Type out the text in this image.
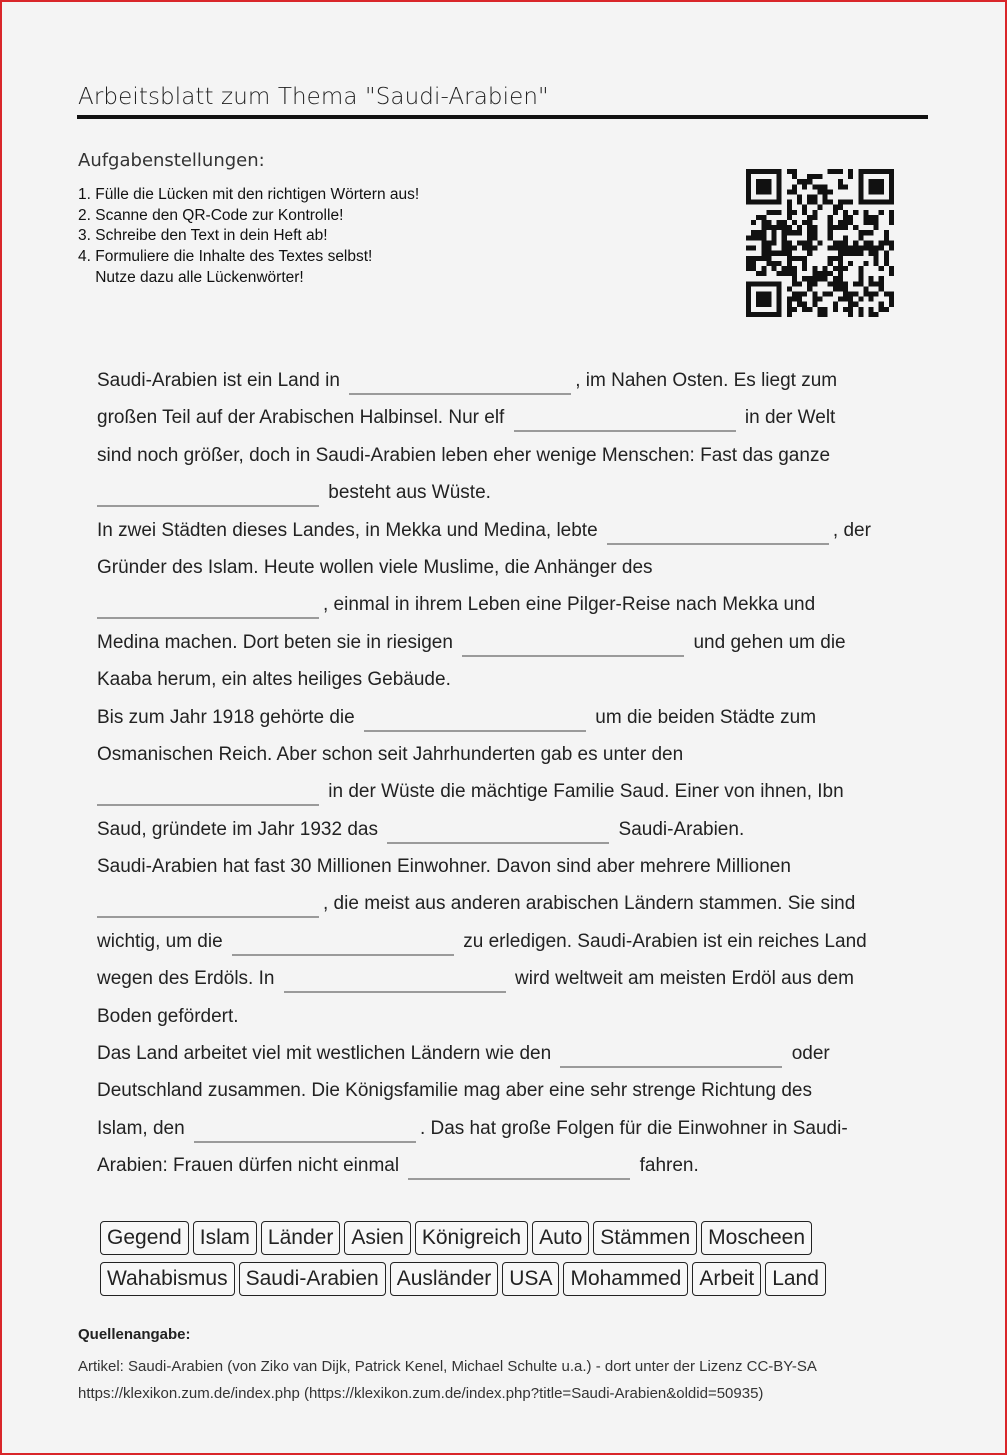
Arbeitsblatt zum Thema "Saudi-Arabien"
Aufgabenstellungen:
1. Fülle die Lücken mit den richtigen Wörtern aus!
2. Scanne den QR-Code zur Kontrolle!
3. Schreibe den Text in dein Heft ab!
4. Formuliere die Inhalte des Textes selbst!
Nutze dazu alle Lückenwörter!
Saudi-Arabien ist ein Land in	, im Nahen Osten. Es liegt zum
großen Teil auf der Arabischen Halbinsel. Nur elf	in der Welt
sind noch größer, doch in Saudi-Arabien leben eher wenige Menschen: Fast das ganze
besteht aus Wüste.
In zwei Städten dieses Landes, in Mekka und Medina, lebte	, der
Gründer des Islam. Heute wollen viele Muslime, die Anhänger des
, einmal in ihrem Leben eine Pilger-Reise nach Mekka und
Medina machen. Dort beten sie in riesigen	und gehen um die
Kaaba herum, ein altes heiliges Gebäude.
Bis zum Jahr 1918 gehörte die	um die beiden Städte zum
Osmanischen Reich. Aber schon seit Jahrhunderten gab es unter den
in der Wüste die mächtige Familie Saud. Einer von ihnen, Ibn
Saud, gründete im Jahr 1932 das	Saudi-Arabien.
Saudi-Arabien hat fast 30 Millionen Einwohner. Davon sind aber mehrere Millionen
, die meist aus anderen arabischen Ländern stammen. Sie sind
wichtig, um die	zu erledigen. Saudi-Arabien ist ein reiches Land
wegen des Erdöls. In	wird weltweit am meisten Erdöl aus dem
Boden gefördert.
Das Land arbeitet viel mit westlichen Ländern wie den	oder
Deutschland zusammen. Die Königsfamilie mag aber eine sehr strenge Richtung des
Islam, den	. Das hat große Folgen für die Einwohner in Saudi-
Arabien: Frauen dürfen nicht einmal	fahren.
Gegend Islam Länder Asien Königreich Auto Stämmen Moscheen
Wahabismus Saudi-Arabien Ausländer USA Mohammed Arbeit Land
Quellenangabe:
Artikel: Saudi-Arabien (von Ziko van Dijk, Patrick Kenel, Michael Schulte u.a.) - dort unter der Lizenz CC-BY-SA
https://klexikon.zum.de/index.php (https://klexikon.zum.de/index.php?title=Saudi-Arabien&oldid=50935)
